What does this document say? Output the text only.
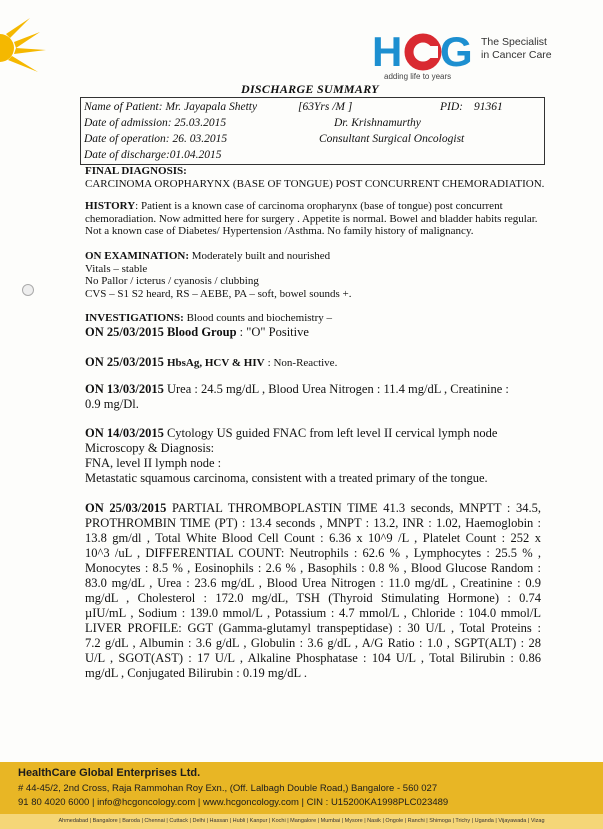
H G The Specialist
in Cancer Care
adding life to years
DISCHARGE SUMMARY
Name of Patient: Mr. Jayapala Shetty	[63Yrs /M ]	PID: 91361
Date of admission: 25.03.2015	Dr. Krishnamurthy
Date of operation: 26. 03.2015	Consultant Surgical Oncologist
Date of discharge:01.04.2015
FINAL DIAGNOSIS:
CARCINOMA OROPHARYNX (BASE OF TONGUE) POST CONCURRENT CHEMORADIATION.
HISTORY: Patient is a known case of carcinoma oropharynx (base of tongue) post concurrent
chemoradiation. Now admitted here for surgery . Appetite is normal. Bowel and bladder habits regular.
Not a known case of Diabetes/ Hypertension /Asthma. No family history of malignancy.
ON EXAMINATION: Moderately built and nourished
Vitals – stable
No Pallor / icterus / cyanosis / clubbing
CVS – S1 S2 heard, RS – AEBE, PA – soft, bowel sounds +.
INVESTIGATIONS: Blood counts and biochemistry –
ON 25/03/2015 Blood Group : "O" Positive
ON 25/03/2015 HbsAg, HCV & HIV : Non-Reactive.
ON 13/03/2015 Urea : 24.5 mg/dL , Blood Urea Nitrogen : 11.4 mg/dL , Creatinine :
0.9 mg/Dl.
ON 14/03/2015 Cytology US guided FNAC from left level II cervical lymph node
Microscopy & Diagnosis:
FNA, level II lymph node :
Metastatic squamous carcinoma, consistent with a treated primary of the tongue.
ON 25/03/2015 PARTIAL THROMBOPLASTIN TIME 41.3 seconds, MNPTT : 34.5,
PROTHROMBIN TIME (PT) : 13.4 seconds , MNPT : 13.2, INR : 1.02, Haemoglobin :
13.8 gm/dl , Total White Blood Cell Count : 6.36 x 10^9 /L , Platelet Count : 252 x
10^3 /uL , DIFFERENTIAL COUNT: Neutrophils : 62.6 % , Lymphocytes : 25.5 % ,
Monocytes : 8.5 % , Eosinophils : 2.6 % , Basophils : 0.8 % , Blood Glucose Random :
83.0 mg/dL , Urea : 23.6 mg/dL , Blood Urea Nitrogen : 11.0 mg/dL , Creatinine : 0.9
mg/dL , Cholesterol : 172.0 mg/dL, TSH (Thyroid Stimulating Hormone) : 0.74
µIU/mL , Sodium : 139.0 mmol/L , Potassium : 4.7 mmol/L , Chloride : 104.0 mmol/L
LIVER PROFILE: GGT (Gamma-glutamyl transpeptidase) : 30 U/L , Total Proteins :
7.2 g/dL , Albumin : 3.6 g/dL , Globulin : 3.6 g/dL , A/G Ratio : 1.0 , SGPT(ALT) : 28
U/L , SGOT(AST) : 17 U/L , Alkaline Phosphatase : 104 U/L , Total Bilirubin : 0.86
mg/dL , Conjugated Bilirubin : 0.19 mg/dL .
HealthCare Global Enterprises Ltd.
# 44-45/2, 2nd Cross, Raja Rammohan Roy Exn., (Off. Lalbagh Double Road,) Bangalore - 560 027
91 80 4020 6000 | info@hcgoncology.com | www.hcgoncology.com | CIN : U15200KA1998PLC023489
Ahmedabad | Bangalore | Baroda | Chennai | Cuttack | Delhi | Hassan | Hubli | Kanpur | Kochi | Mangalore | Mumbai | Mysore | Nasik | Ongole | Ranchi | Shimoga | Trichy | Uganda | Vijayawada | Vizag
